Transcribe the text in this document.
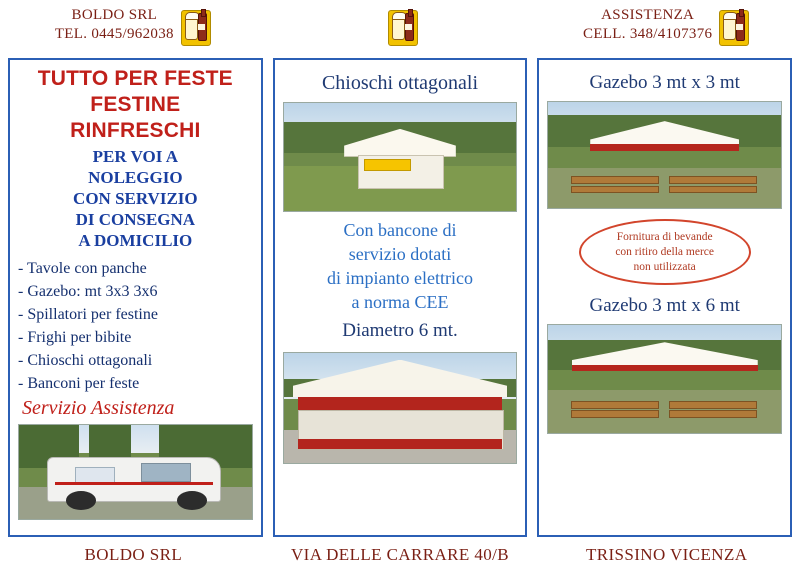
BOLDO SRL
TEL. 0445/962038
ASSISTENZA
CELL. 348/4107376
TUTTO PER FESTE
FESTINE
RINFRESCHI
PER VOI A
NOLEGGIO
CON SERVIZIO
DI CONSEGNA
A DOMICILIO
- Tavole con panche
- Gazebo: mt 3x3 3x6
- Spillatori per festine
- Frighi per bibite
- Chioschi ottagonali
- Banconi per feste
Servizio Assistenza
Chioschi ottagonali
Con bancone di
servizio dotati
di impianto elettrico
a norma CEE
Diametro 6 mt.
Gazebo 3 mt x 3 mt
Fornitura di bevande
con ritiro della merce
non utilizzata
Gazebo 3 mt x 6 mt
BOLDO SRL	VIA DELLE CARRARE 40/B	TRISSINO VICENZA
